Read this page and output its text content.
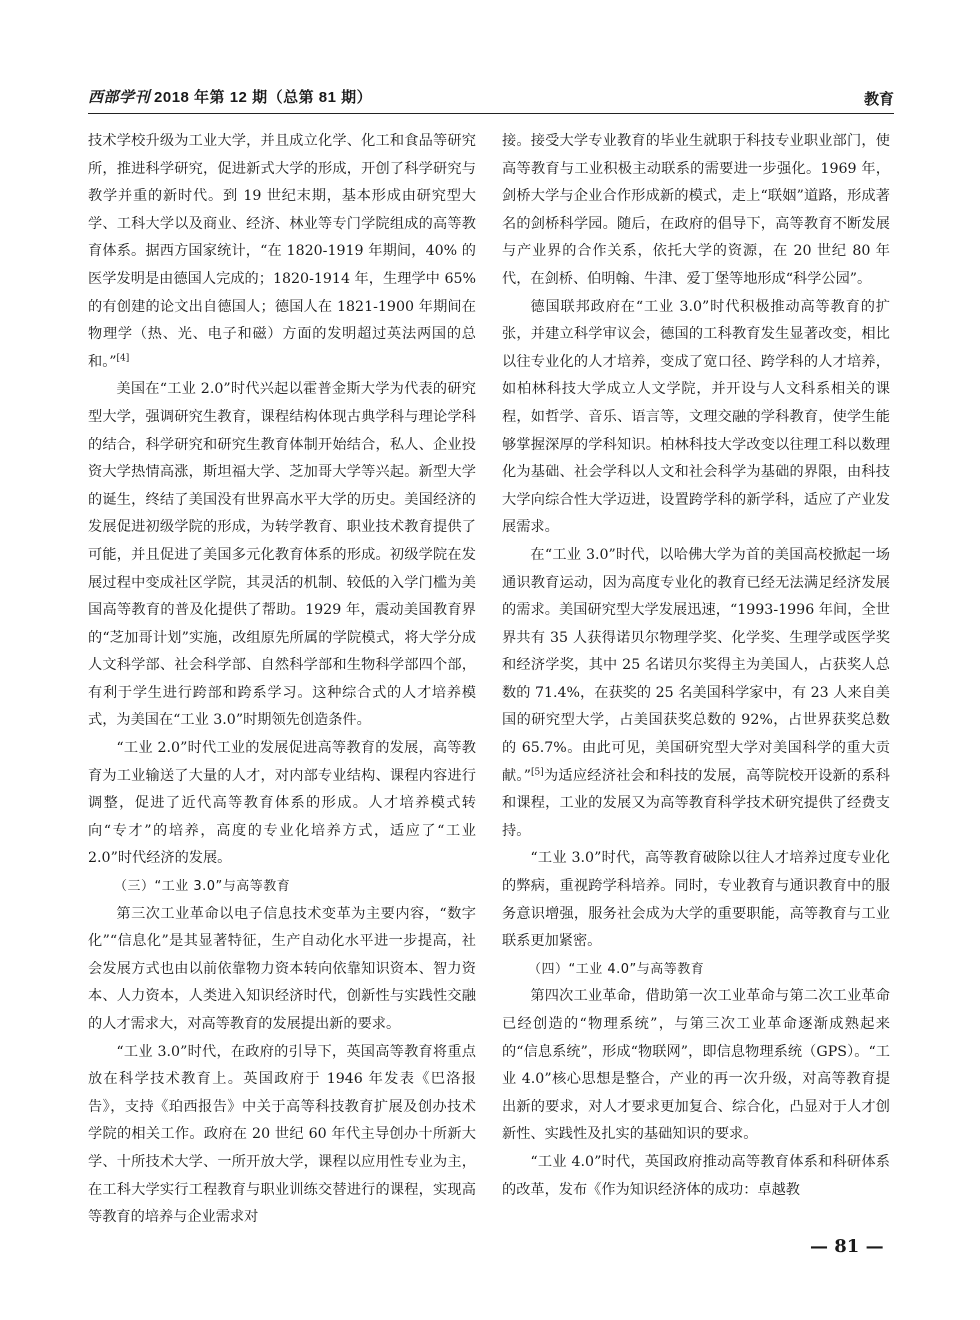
西部学刊 2018 年第 12 期（总第 81 期）	教育

技术学校升级为工业大学，并且成立化学、化工和食品等研究所，推进科学研究，促进新式大学的形成，开创了科学研究与教学并重的新时代。到 19 世纪末期，基本形成由研究型大学、工科大学以及商业、经济、林业等专门学院组成的高等教育体系。据西方国家统计，“在 1820-1919 年期间，40% 的医学发明是由德国人完成的；1820-1914 年，生理学中 65% 的有创建的论文出自德国人；德国人在 1821-1900 年期间在物理学（热、光、电子和磁）方面的发明超过英法两国的总和。”[4]

美国在“工业 2.0”时代兴起以霍普金斯大学为代表的研究型大学，强调研究生教育，课程结构体现古典学科与理论学科的结合，科学研究和研究生教育体制开始结合，私人、企业投资大学热情高涨，斯坦福大学、芝加哥大学等兴起。新型大学的诞生，终结了美国没有世界高水平大学的历史。美国经济的发展促进初级学院的形成，为转学教育、职业技术教育提供了可能，并且促进了美国多元化教育体系的形成。初级学院在发展过程中变成社区学院，其灵活的机制、较低的入学门槛为美国高等教育的普及化提供了帮助。1929 年，震动美国教育界的“芝加哥计划”实施，改组原先所属的学院模式，将大学分成人文科学部、社会科学部、自然科学部和生物科学部四个部，有利于学生进行跨部和跨系学习。这种综合式的人才培养模式，为美国在“工业 3.0”时期领先创造条件。

“工业 2.0”时代工业的发展促进高等教育的发展，高等教育为工业输送了大量的人才，对内部专业结构、课程内容进行调整，促进了近代高等教育体系的形成。人才培养模式转向“专才”的培养，高度的专业化培养方式，适应了“工业 2.0”时代经济的发展。

（三）“工业 3.0”与高等教育

第三次工业革命以电子信息技术变革为主要内容，“数字化”“信息化”是其显著特征，生产自动化水平进一步提高，社会发展方式也由以前依靠物力资本转向依靠知识资本、智力资本、人力资本，人类进入知识经济时代，创新性与实践性交融的人才需求大，对高等教育的发展提出新的要求。

“工业 3.0”时代，在政府的引导下，英国高等教育将重点放在科学技术教育上。英国政府于 1946 年发表《巴洛报告》，支持《珀西报告》中关于高等科技教育扩展及创办技术学院的相关工作。政府在 20 世纪 60 年代主导创办十所新大学、十所技术大学、一所开放大学，课程以应用性专业为主，在工科大学实行工程教育与职业训练交替进行的课程，实现高等教育的培养与企业需求对

接。接受大学专业教育的毕业生就职于科技专业职业部门，使高等教育与工业积极主动联系的需要进一步强化。1969 年，剑桥大学与企业合作形成新的模式，走上“联姻”道路，形成著名的剑桥科学园。随后，在政府的倡导下，高等教育不断发展与产业界的合作关系，依托大学的资源，在 20 世纪 80 年代，在剑桥、伯明翰、牛津、爱丁堡等地形成“科学公园”。

德国联邦政府在“工业 3.0”时代积极推动高等教育的扩张，并建立科学审议会，德国的工科教育发生显著改变，相比以往专业化的人才培养，变成了宽口径、跨学科的人才培养，如柏林科技大学成立人文学院，并开设与人文科系相关的课程，如哲学、音乐、语言等，文理交融的学科教育，使学生能够掌握深厚的学科知识。柏林科技大学改变以往理工科以数理化为基础、社会学科以人文和社会科学为基础的界限，由科技大学向综合性大学迈进，设置跨学科的新学科，适应了产业发展需求。

在“工业 3.0”时代，以哈佛大学为首的美国高校掀起一场通识教育运动，因为高度专业化的教育已经无法满足经济发展的需求。美国研究型大学发展迅速，“1993-1996 年间，全世界共有 35 人获得诺贝尔物理学奖、化学奖、生理学或医学奖和经济学奖，其中 25 名诺贝尔奖得主为美国人，占获奖人总数的 71.4%，在获奖的 25 名美国科学家中，有 23 人来自美国的研究型大学，占美国获奖总数的 92%，占世界获奖总数的 65.7%。由此可见，美国研究型大学对美国科学的重大贡献。”[5]为适应经济社会和科技的发展，高等院校开设新的系科和课程，工业的发展又为高等教育科学技术研究提供了经费支持。

“工业 3.0”时代，高等教育破除以往人才培养过度专业化的弊病，重视跨学科培养。同时，专业教育与通识教育中的服务意识增强，服务社会成为大学的重要职能，高等教育与工业联系更加紧密。

（四）“工业 4.0”与高等教育

第四次工业革命，借助第一次工业革命与第二次工业革命已经创造的“物理系统”，与第三次工业革命逐渐成熟起来的“信息系统”，形成“物联网”，即信息物理系统（GPS）。“工业 4.0”核心思想是整合，产业的再一次升级，对高等教育提出新的要求，对人才要求更加复合、综合化，凸显对于人才创新性、实践性及扎实的基础知识的要求。

“工业 4.0”时代，英国政府推动高等教育体系和科研体系的改革，发布《作为知识经济体的成功：卓越教

— 81 —
